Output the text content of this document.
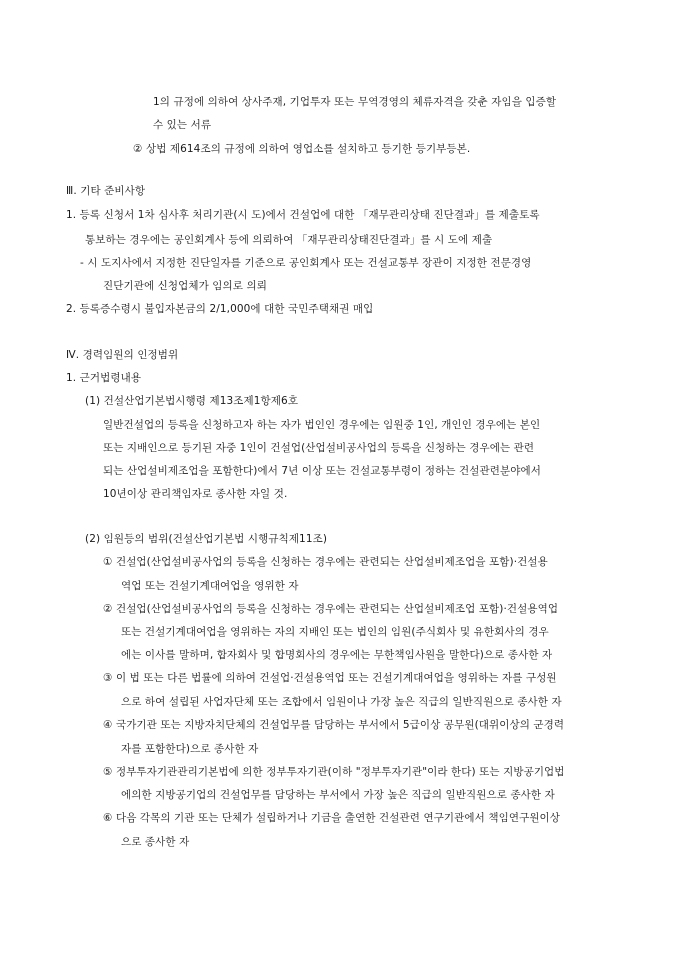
1의 규정에 의하여 상사주재, 기업투자 또는 무역경영의 체류자격을 갖춘 자임을 입증할
수 있는 서류
② 상법 제614조의 규정에 의하여 영업소를 설치하고 등기한 등기부등본.
Ⅲ. 기타 준비사항
1. 등록 신청서 1차 심사후 처리기관(시 도)에서 건설업에 대한 「재무관리상태 진단결과」를 제출토록
통보하는 경우에는 공인회계사 등에 의뢰하여 「재무관리상태진단결과」를 시 도에 제출
- 시 도지사에서 지정한 진단일자를 기준으로 공인회계사 또는 건설교통부 장관이 지정한 전문경영
진단기관에 신청업체가 임의로 의뢰
2. 등록증수령시 불입자본금의 2/1,000에 대한 국민주택채권 매입
Ⅳ. 경력임원의 인정범위
1. 근거법령내용
(1) 건설산업기본법시행령 제13조제1항제6호
일반건설업의 등록을 신청하고자 하는 자가 법인인 경우에는 임원중 1인, 개인인 경우에는 본인
또는 지배인으로 등기된 자중 1인이 건설업(산업설비공사업의 등록을 신청하는 경우에는 관련
되는 산업설비제조업을 포함한다)에서 7년 이상 또는 건설교통부령이 정하는 건설관련분야에서
10년이상 관리책임자로 종사한 자일 것.
(2) 임원등의 범위(건설산업기본법 시행규칙제11조)
① 건설업(산업설비공사업의 등록을 신청하는 경우에는 관련되는 산업설비제조업을 포함)·건설용
역업 또는 건설기계대여업을 영위한 자
② 건설업(산업설비공사업의 등록을 신청하는 경우에는 관련되는 산업설비제조업 포함)·건설용역업
또는 건설기계대여업을 영위하는 자의 지배인 또는 법인의 임원(주식회사 및 유한회사의 경우
에는 이사를 말하며, 합자회사 및 합명회사의 경우에는 무한책임사원을 말한다)으로 종사한 자
③ 이 법 또는 다른 법률에 의하여 건설업·건설용역업 또는 건설기계대여업을 영위하는 자를 구성원
으로 하여 설립된 사업자단체 또는 조합에서 임원이나 가장 높은 직급의 일반직원으로 종사한 자
④ 국가기관 또는 지방자치단체의 건설업무를 담당하는 부서에서 5급이상 공무원(대위이상의 군경력
자를 포함한다)으로 종사한 자
⑤ 정부투자기관관리기본법에 의한 정부투자기관(이하 "정부투자기관"이라 한다) 또는 지방공기업법
에의한 지방공기업의 건설업무를 담당하는 부서에서 가장 높은 직급의 일반직원으로 종사한 자
⑥ 다음 각목의 기관 또는 단체가 설립하거나 기금을 출연한 건설관련 연구기관에서 책임연구원이상
으로 종사한 자
